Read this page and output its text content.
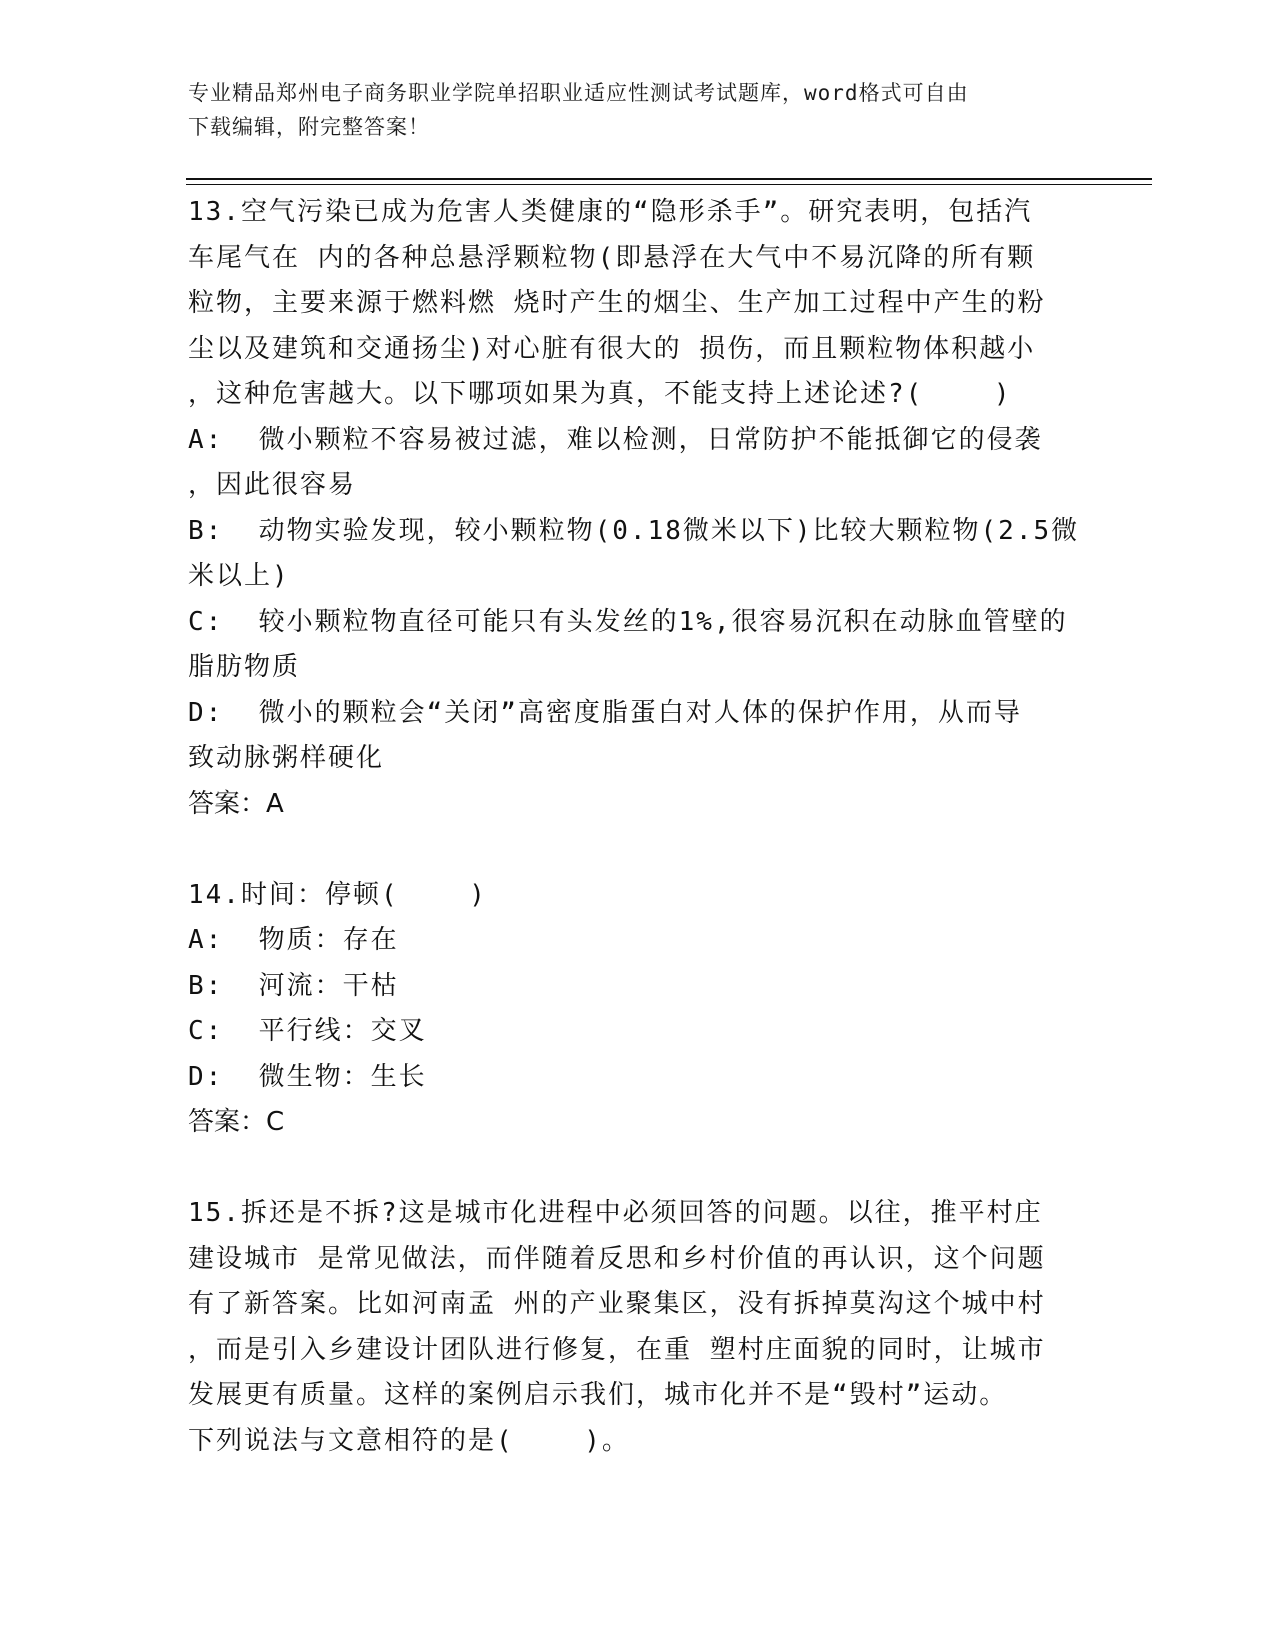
专业精品郑州电子商务职业学院单招职业适应性测试考试题库，word格式可自由
下载编辑，附完整答案！
13.空气污染已成为危害人类健康的“隐形杀手”。研究表明，包括汽
车尾气在 内的各种总悬浮颗粒物(即悬浮在大气中不易沉降的所有颗
粒物，主要来源于燃料燃 烧时产生的烟尘、生产加工过程中产生的粉
尘以及建筑和交通扬尘)对心脏有很大的 损伤，而且颗粒物体积越小
，这种危害越大。以下哪项如果为真，不能支持上述论述?(    )
A:  微小颗粒不容易被过滤，难以检测，日常防护不能抵御它的侵袭
，因此很容易
B:  动物实验发现，较小颗粒物(0.18微米以下)比较大颗粒物(2.5微
米以上)
C:  较小颗粒物直径可能只有头发丝的1%,很容易沉积在动脉血管壁的
脂肪物质
D:  微小的颗粒会“关闭”高密度脂蛋白对人体的保护作用，从而导
致动脉粥样硬化
答案：A
14.时间：停顿(    )
A:  物质：存在
B:  河流：干枯
C:  平行线：交叉
D:  微生物：生长
答案：C
15.拆还是不拆?这是城市化进程中必须回答的问题。以往，推平村庄
建设城市 是常见做法，而伴随着反思和乡村价值的再认识，这个问题
有了新答案。比如河南孟 州的产业聚集区，没有拆掉莫沟这个城中村
，而是引入乡建设计团队进行修复，在重 塑村庄面貌的同时，让城市
发展更有质量。这样的案例启示我们，城市化并不是“毁村”运动。
下列说法与文意相符的是(    )。
